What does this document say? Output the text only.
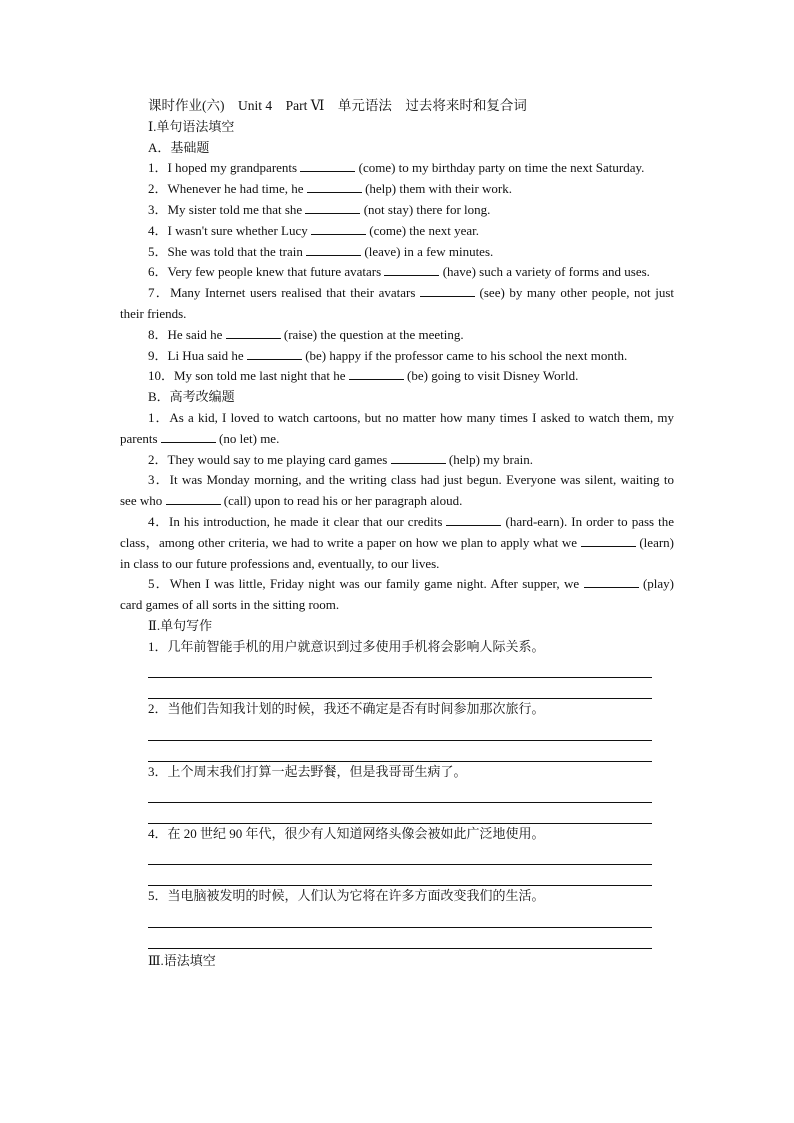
课时作业(六)　Unit 4　Part Ⅵ　单元语法　过去将来时和复合词
Ⅰ.单句语法填空
A．基础题
1．I hoped my grandparents	(come) to my birthday party on time the next Saturday.
2．Whenever he had time, he	(help) them with their work.
3．My sister told me that she	(not stay) there for long.
4．I wasn't sure whether Lucy	(come) the next year.
5．She was told that the train	(leave) in a few minutes.
6．Very few people knew that future avatars	(have) such a variety of forms and uses.
7．Many Internet users realised that their avatars	(see) by many other people, not just their friends.
8．He said he	(raise) the question at the meeting.
9．Li Hua said he	(be) happy if the professor came to his school the next month.
10．My son told me last night that he	(be) going to visit Disney World.
B．高考改编题
1．As a kid, I loved to watch cartoons, but no matter how many times I asked to watch them, my parents	(no let) me.
2．They would say to me playing card games	(help) my brain.
3．It was Monday morning, and the writing class had just begun. Everyone was silent, waiting to see who	(call) upon to read his or her paragraph aloud.
4．In his introduction, he made it clear that our credits	(hard-earn). In order to pass the class，among other criteria, we had to write a paper on how we plan to apply what we	(learn) in class to our future professions and, eventually, to our lives.
5．When I was little, Friday night was our family game night. After supper, we	(play) card games of all sorts in the sitting room.
Ⅱ.单句写作
1．几年前智能手机的用户就意识到过多使用手机将会影响人际关系。
2．当他们告知我计划的时候，我还不确定是否有时间参加那次旅行。
3．上个周末我们打算一起去野餐，但是我哥哥生病了。
4．在 20 世纪 90 年代，很少有人知道网络头像会被如此广泛地使用。
5．当电脑被发明的时候，人们认为它将在许多方面改变我们的生活。
Ⅲ.语法填空
